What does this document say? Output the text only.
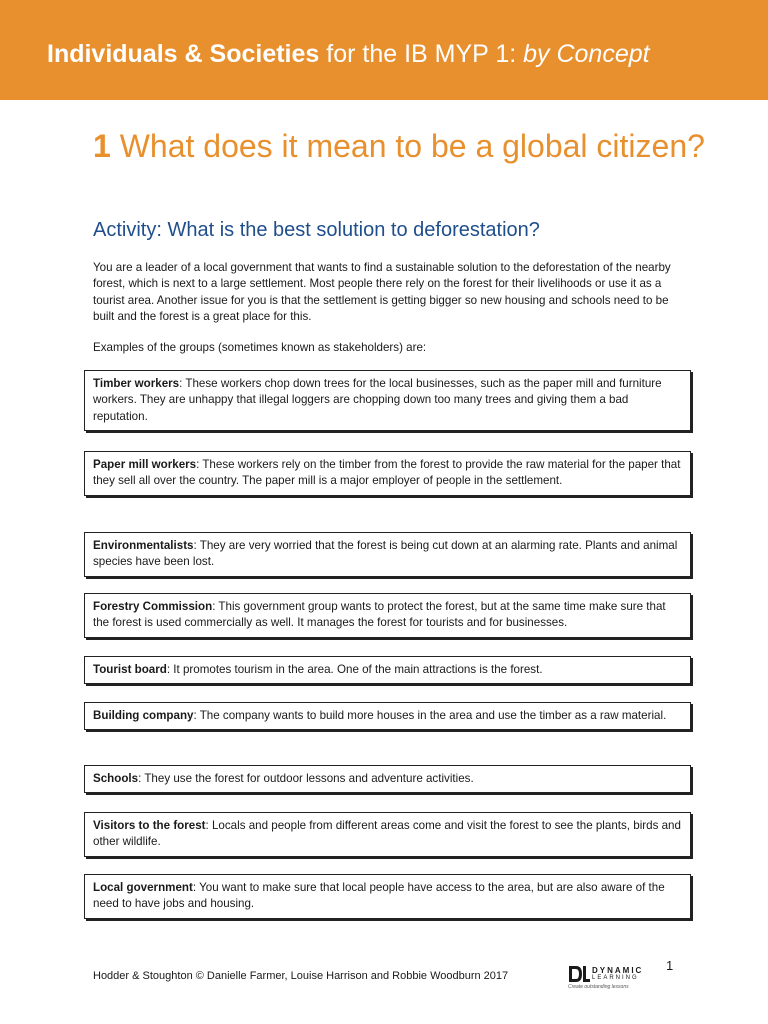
Individuals & Societies for the IB MYP 1: by Concept
1 What does it mean to be a global citizen?
Activity: What is the best solution to deforestation?

You are a leader of a local government that wants to find a sustainable solution to the deforestation of the nearby forest, which is next to a large settlement. Most people there rely on the forest for their livelihoods or use it as a tourist area. Another issue for you is that the settlement is getting bigger so new housing and schools need to be built and the forest is a great place for this.

Examples of the groups (sometimes known as stakeholders) are:

Timber workers: These workers chop down trees for the local businesses, such as the paper mill and furniture workers. They are unhappy that illegal loggers are chopping down too many trees and giving them a bad reputation.
Paper mill workers: These workers rely on the timber from the forest to provide the raw material for the paper that they sell all over the country. The paper mill is a major employer of people in the settlement.
Environmentalists: They are very worried that the forest is being cut down at an alarming rate. Plants and animal species have been lost.
Forestry Commission: This government group wants to protect the forest, but at the same time make sure that the forest is used commercially as well. It manages the forest for tourists and for businesses.
Tourist board: It promotes tourism in the area. One of the main attractions is the forest.
Building company: The company wants to build more houses in the area and use the timber as a raw material.
Schools: They use the forest for outdoor lessons and adventure activities.
Visitors to the forest: Locals and people from different areas come and visit the forest to see the plants, birds and other wildlife.
Local government: You want to make sure that local people have access to the area, but are also aware of the need to have jobs and housing.

Hodder & Stoughton © Danielle Farmer, Louise Harrison and Robbie Woodburn 2017	DYNAMIC
LEARNING
Create outstanding lessons

1
